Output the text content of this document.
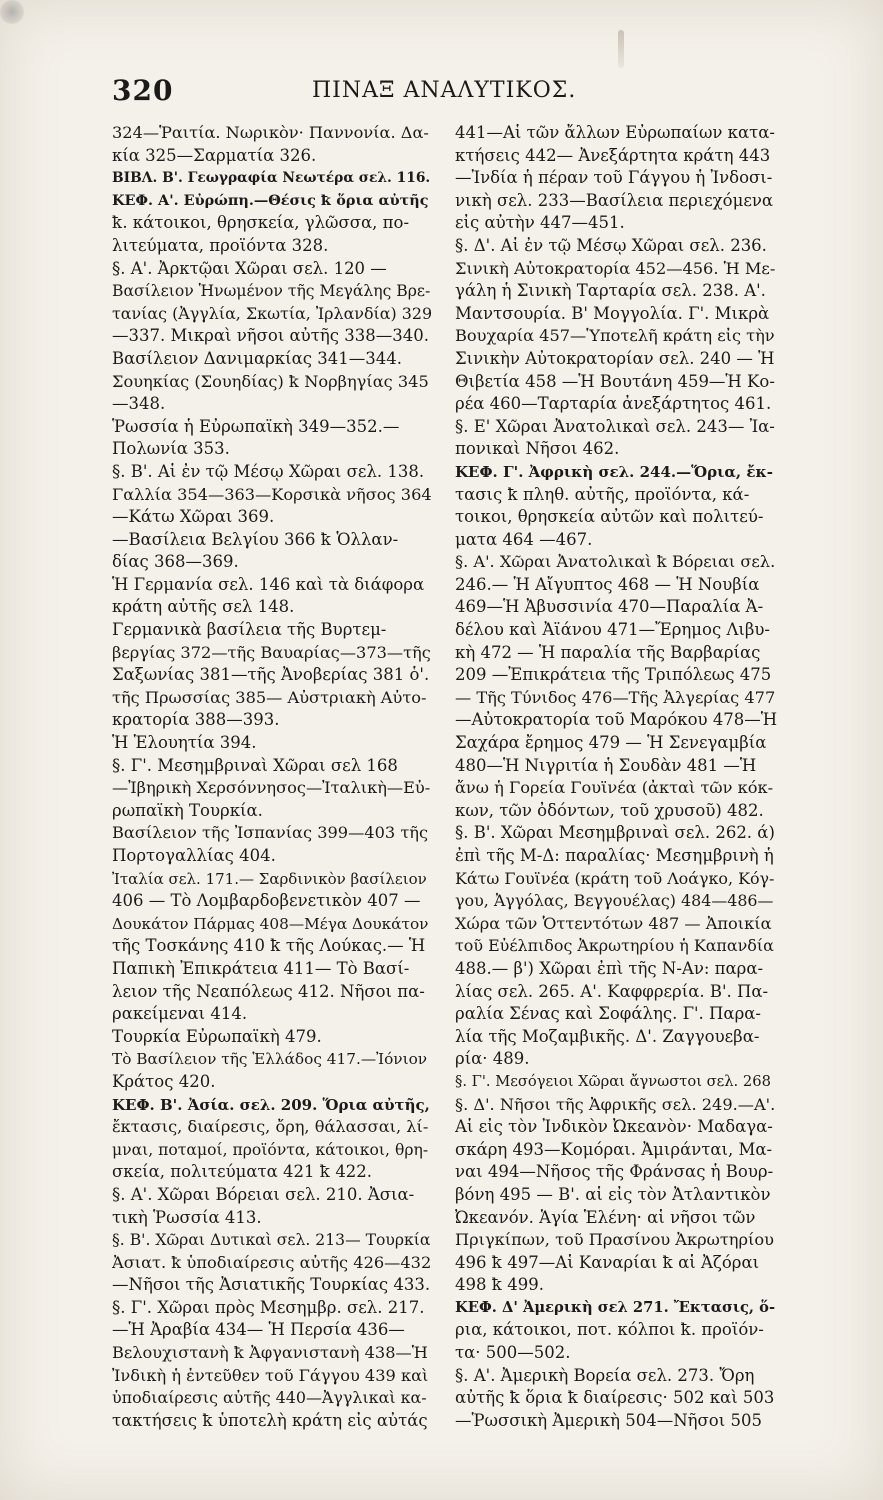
320	ΠΙΝΑΞ ΑΝΑΛΥΤΙΚΟΣ.
324—Ῥαιτία. Νωρικὸν· Παννονία. Δα-
κία 325—Σαρματία 326.
ΒΙΒΛ. Β'. Γεωγραφία Νεωτέρα σελ. 116.
ΚΕΦ. Α'. Εὐρώπη.—Θέσις ꝁ ὅρια αὐτῆς
ꝁ. κάτοικοι, θρησκεία, γλῶσσα, πο-
λιτεύματα, προϊόντα 328.
§. Α'. Ἀρκτῷαι Χῶραι σελ. 120 —
Βασίλειον Ἡνωμένον τῆς Μεγάλης Βρε-
τανίας (Ἀγγλία, Σκωτία, Ἰρλανδία) 329
—337. Μικραὶ νῆσοι αὐτῆς 338—340.
Βασίλειον Δανιμαρκίας 341—344.
Σουηκίας (Σουηδίας) ꝁ Νορβηγίας 345
—348.
Ῥωσσία ἡ Εὐρωπαϊκὴ 349—352.—
Πολωνία 353.
§. Β'. Αἱ ἐν τῷ Μέσῳ Χῶραι σελ. 138.
Γαλλία 354—363—Κορσικὰ νῆσος 364
—Κάτω Χῶραι 369.
—Βασίλεια Βελγίου 366 ꝁ Ὁλλαν-
δίας 368—369.
Ἡ Γερμανία σελ. 146 καὶ τὰ διάφορα
κράτη αὐτῆς σελ 148.
Γερμανικὰ βασίλεια τῆς Βυρτεμ-
βεργίας 372—τῆς Βαυαρίας—373—τῆς
Σαξωνίας 381—τῆς Ἀνοβερίας 381 ὁ'.
τῆς Πρωσσίας 385— Αὐστριακὴ Αὐτο-
κρατορία 388—393.
Ἡ Ἑλουητία 394.
§. Γ'. Μεσημβριναὶ Χῶραι σελ 168
—Ἰβηρικὴ Χερσόννησος—Ἰταλικὴ—Εὐ-
ρωπαϊκὴ Τουρκία.
Βασίλειον τῆς Ἰσπανίας 399—403 τῆς
Πορτογαλλίας 404.
Ἰταλία σελ. 171.— Σαρδινικὸν βασίλειον
406 — Τὸ Λομβαρδοβενετικὸν 407 —
Δουκάτον Πάρμας 408—Μέγα Δουκάτον
τῆς Τοσκάνης 410 ꝁ τῆς Λούκας.— Ἡ
Παπικὴ Ἐπικράτεια 411— Τὸ Βασί-
λειον τῆς Νεαπόλεως 412. Νῆσοι πα-
ρακείμεναι 414.
Τουρκία Εὐρωπαϊκὴ 479.
Τὸ Βασίλειον τῆς Ἑλλάδος 417.—Ἰόνιον
Κράτος 420.
ΚΕΦ. Β'. Ἀσία. σελ. 209. Ὅρια αὐτῆς,
ἔκτασις, διαίρεσις, ὄρη, θάλασσαι, λί-
μναι, ποταμοί, προϊόντα, κάτοικοι, θρη-
σκεία, πολιτεύματα 421 ꝁ 422.
§. Α'. Χῶραι Βόρειαι σελ. 210. Ἀσια-
τικὴ Ῥωσσία 413.
§. Β'. Χῶραι Δυτικαὶ σελ. 213— Τουρκία
Ἀσιατ. ꝁ ὑποδιαίρεσις αὐτῆς 426—432
—Νῆσοι τῆς Ἀσιατικῆς Τουρκίας 433.
§. Γ'. Χῶραι πρὸς Μεσημβρ. σελ. 217.
—Ἡ Ἀραβία 434— Ἡ Περσία 436—
Βελουχιστανὴ ꝁ Ἀφγανιστανὴ 438—Ἡ
Ἰνδικὴ ἡ ἐντεῦθεν τοῦ Γάγγου 439 καὶ
ὑποδιαίρεσις αὐτῆς 440—Ἀγγλικαὶ κα-
τακτήσεις ꝁ ὑποτελὴ κράτη εἰς αὐτάς
441—Αἱ τῶν ἄλλων Εὐρωπαίων κατα-
κτήσεις 442— Ἀνεξάρτητα κράτη 443
—Ἰνδία ἡ πέραν τοῦ Γάγγου ἡ Ἰνδοσι-
νικὴ σελ. 233—Βασίλεια περιεχόμενα
εἰς αὐτὴν 447—451.
§. Δ'. Αἱ ἐν τῷ Μέσῳ Χῶραι σελ. 236.
Σινικὴ Αὐτοκρατορία 452—456. Ἡ Με-
γάλη ἡ Σινικὴ Ταρταρία σελ. 238. Α'.
Μαντσουρία. Β' Μογγολία. Γ'. Μικρὰ
Βουχαρία 457—Ὑποτελῆ κράτη εἰς τὴν
Σινικὴν Αὐτοκρατορίαν σελ. 240 — Ἡ
Θιβετία 458 —Ἡ Βουτάνη 459—Ἡ Κο-
ρέα 460—Ταρταρία ἀνεξάρτητος 461.
§. Ε' Χῶραι Ἀνατολικαὶ σελ. 243— Ἰα-
πονικαὶ Νῆσοι 462.
ΚΕΦ. Γ'. Ἀφρικὴ σελ. 244.—Ὅρια, ἔκ-
τασις ꝁ πληθ. αὐτῆς, προϊόντα, κά-
τοικοι, θρησκεία αὐτῶν καὶ πολιτεύ-
ματα 464 —467.
§. Α'. Χῶραι Ἀνατολικαὶ ꝁ Βόρειαι σελ.
246.— Ἡ Αἴγυπτος 468 — Ἡ Νουβία
469—Ἡ Ἀβυσσινία 470—Παραλία Ἀ-
δέλου καὶ Ἀϊάνου 471—Ἔρημος Λιβυ-
κὴ 472 — Ἡ παραλία τῆς Βαρβαρίας
209 —Ἐπικράτεια τῆς Τριπόλεως 475
— Τῆς Τύνιδος 476—Τῆς Ἀλγερίας 477
—Αὐτοκρατορία τοῦ Μαρόκου 478—Ἡ
Σαχάρα ἔρημος 479 — Ἡ Σενεγαμβία
480—Ἡ Νιγριτία ἡ Σουδὰν 481 —Ἡ
ἄνω ἡ Γορεία Γουϊνέα (ἀκταὶ τῶν κόκ-
κων, τῶν ὀδόντων, τοῦ χρυσοῦ) 482.
§. Β'. Χῶραι Μεσημβριναὶ σελ. 262. ά)
ἐπὶ τῆς Μ-Δ: παραλίας· Μεσημβρινὴ ἡ
Κάτω Γουϊνέα (κράτη τοῦ Λοάγκο, Κόγ-
γου, Ἀγγόλας, Βεγγουέλας) 484—486—
Χώρα τῶν Ὁττεντότων 487 — Ἀποικία
τοῦ Εὐέλπιδος Ἀκρωτηρίου ἡ Καπανδία
488.— β') Χῶραι ἐπὶ τῆς Ν-Αν: παρα-
λίας σελ. 265. Α'. Καφφρερία. Β'. Πα-
ραλία Σένας καὶ Σοφάλης. Γ'. Παρα-
λία τῆς Μοζαμβικῆς. Δ'. Ζαγγουεβα-
ρία· 489.
§. Γ'. Μεσόγειοι Χῶραι ἄγνωστοι σελ. 268
§. Δ'. Νῆσοι τῆς Ἀφρικῆς σελ. 249.—Α'.
Αἱ εἰς τὸν Ἰνδικὸν Ὠκεανὸν· Μαδαγα-
σκάρη 493—Κομόραι. Ἀμιράνται, Μα-
ναι 494—Νῆσος τῆς Φράνσας ἡ Βουρ-
βόνη 495 — Β'. αἱ εἰς τὸν Ἀτλαντικὸν
Ὠκεανόν. Ἁγία Ἑλένη· αἱ νῆσοι τῶν
Πριγκίπων, τοῦ Πρασίνου Ἀκρωτηρίου
496 ꝁ 497—Αἱ Καναρίαι ꝁ αἱ Ἀζόραι
498 ꝁ 499.
ΚΕΦ. Δ' Ἀμερικὴ σελ 271. Ἔκτασις, ὅ-
ρια, κάτοικοι, ποτ. κόλποι ꝁ. προϊόν-
τα· 500—502.
§. Α'. Ἀμερικὴ Βορεία σελ. 273. Ὄρη
αὐτῆς ꝁ ὅρια ꝁ διαίρεσις· 502 καὶ 503
—Ῥωσσικὴ Ἀμερικὴ 504—Νῆσοι 505
